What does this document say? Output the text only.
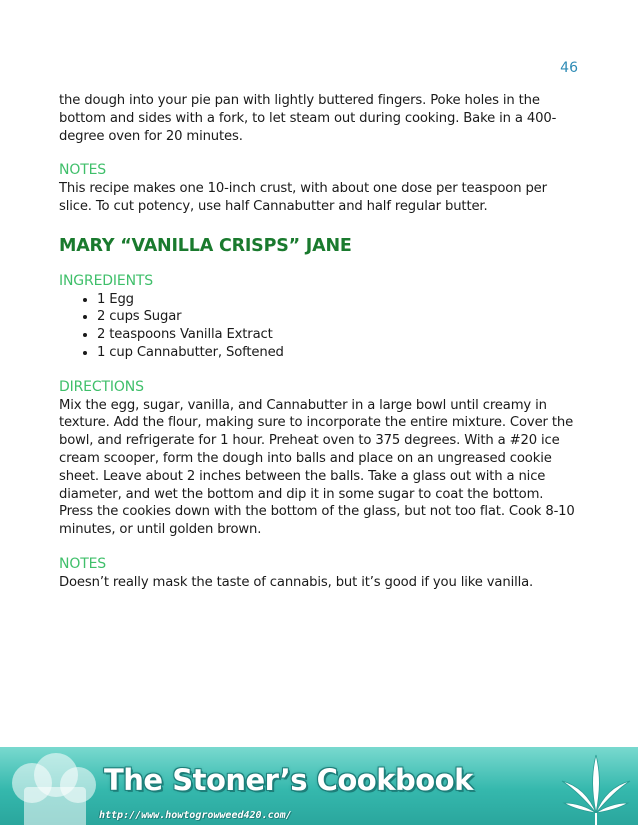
46

the dough into your pie pan with lightly buttered fingers. Poke holes in the bottom and sides with a fork, to let steam out during cooking. Bake in a 400-degree oven for 20 minutes.

NOTES

This recipe makes one 10-inch crust, with about one dose per teaspoon per slice. To cut potency, use half Cannabutter and half regular butter.

MARY “VANILLA CRISPS” JANE
INGREDIENTS
• 1 Egg
• 2 cups Sugar
• 2 teaspoons Vanilla Extract
• 1 cup Cannabutter, Softened
DIRECTIONS

Mix the egg, sugar, vanilla, and Cannabutter in a large bowl until creamy in texture. Add the flour, making sure to incorporate the entire mixture. Cover the bowl, and refrigerate for 1 hour. Preheat oven to 375 degrees. With a #20 ice cream scooper, form the dough into balls and place on an ungreased cookie sheet. Leave about 2 inches between the balls. Take a glass out with a nice diameter, and wet the bottom and dip it in some sugar to coat the bottom. Press the cookies down with the bottom of the glass, but not too flat. Cook 8-10 minutes, or until golden brown.

NOTES

Doesn’t really mask the taste of cannabis, but it’s good if you like vanilla.

The Stoner’s Cookbook
http://www.howtogrowweed420.com/
